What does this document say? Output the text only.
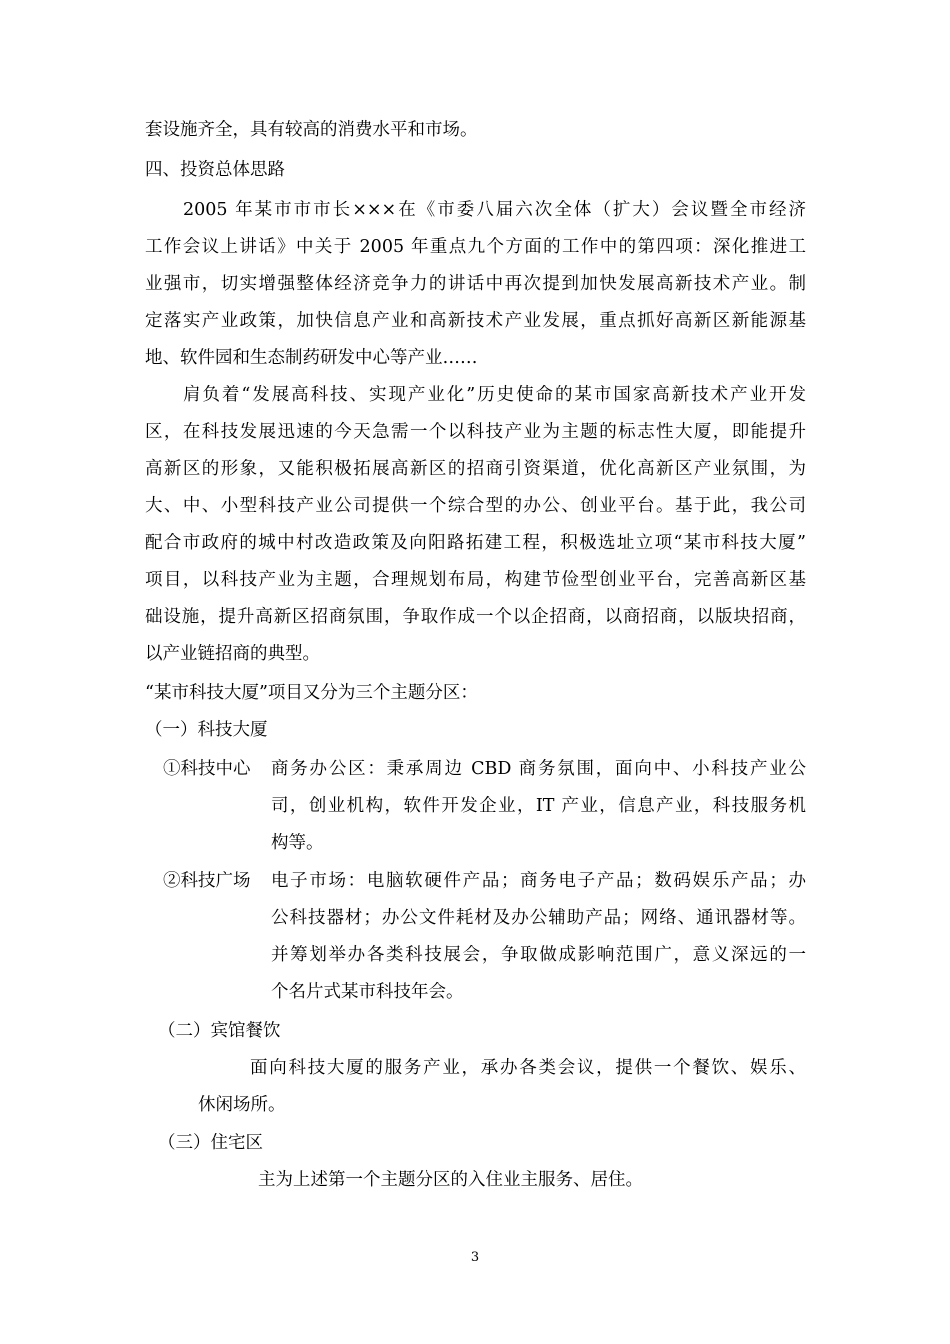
套设施齐全，具有较高的消费水平和市场。
四、投资总体思路
2005 年某市市市长×××在《市委八届六次全体（扩大）会议暨全市经济
工作会议上讲话》中关于 2005 年重点九个方面的工作中的第四项：深化推进工
业强市，切实增强整体经济竞争力的讲话中再次提到加快发展高新技术产业。制
定落实产业政策，加快信息产业和高新技术产业发展，重点抓好高新区新能源基
地、软件园和生态制药研发中心等产业……
肩负着“发展高科技、实现产业化”历史使命的某市国家高新技术产业开发
区，在科技发展迅速的今天急需一个以科技产业为主题的标志性大厦，即能提升
高新区的形象，又能积极拓展高新区的招商引资渠道，优化高新区产业氛围，为
大、中、小型科技产业公司提供一个综合型的办公、创业平台。基于此，我公司
配合市政府的城中村改造政策及向阳路拓建工程，积极选址立项“某市科技大厦”
项目，以科技产业为主题，合理规划布局，构建节俭型创业平台，完善高新区基
础设施，提升高新区招商氛围，争取作成一个以企招商，以商招商，以版块招商，
以产业链招商的典型。
“某市科技大厦”项目又分为三个主题分区：
（一）科技大厦
①科技中心 商务办公区：秉承周边 CBD 商务氛围，面向中、小科技产业公
司，创业机构，软件开发企业，IT 产业，信息产业，科技服务机
构等。
②科技广场 电子市场：电脑软硬件产品；商务电子产品；数码娱乐产品；办
公科技器材；办公文件耗材及办公辅助产品；网络、通讯器材等。
并筹划举办各类科技展会，争取做成影响范围广，意义深远的一
个名片式某市科技年会。
（二）宾馆餐饮
面向科技大厦的服务产业，承办各类会议，提供一个餐饮、娱乐、
休闲场所。
（三）住宅区
主为上述第一个主题分区的入住业主服务、居住。
3
